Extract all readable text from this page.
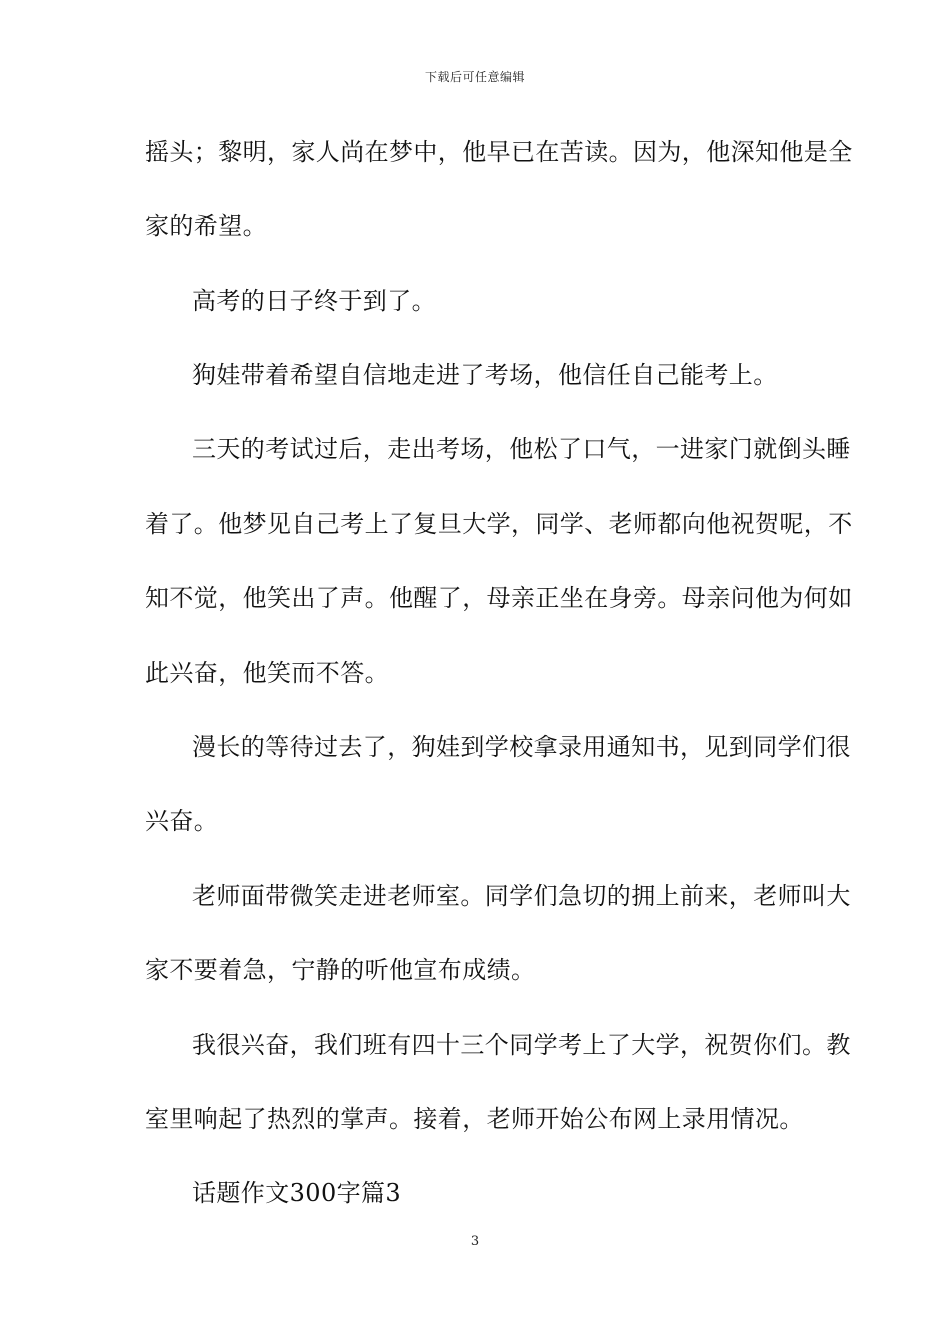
下载后可任意编辑
摇头；黎明，家人尚在梦中，他早已在苦读。因为，他深知他是全
家的希望。
高考的日子终于到了。
狗娃带着希望自信地走进了考场，他信任自己能考上。
三天的考试过后，走出考场，他松了口气，一进家门就倒头睡
着了。他梦见自己考上了复旦大学，同学、老师都向他祝贺呢，不
知不觉，他笑出了声。他醒了，母亲正坐在身旁。母亲问他为何如
此兴奋，他笑而不答。
漫长的等待过去了，狗娃到学校拿录用通知书，见到同学们很
兴奋。
老师面带微笑走进老师室。同学们急切的拥上前来，老师叫大
家不要着急，宁静的听他宣布成绩。
我很兴奋，我们班有四十三个同学考上了大学，祝贺你们。教
室里响起了热烈的掌声。接着，老师开始公布网上录用情况。
话题作文300字篇3
3
